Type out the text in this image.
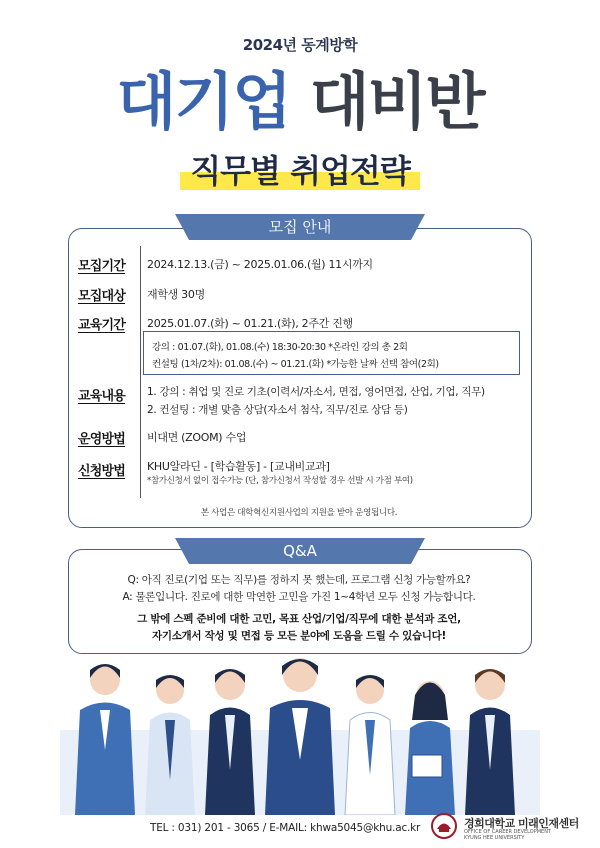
2024년 동계방학
대기업 대비반
직무별 취업전략
모집 안내
모집기간	2024.12.13.(금) ~ 2025.01.06.(월) 11시까지
모집대상	재학생 30명
교육기간	2025.01.07.(화) ~ 01.21.(화), 2주간 진행
강의 : 01.07.(화), 01.08.(수) 18:30-20:30 *온라인 강의 총 2회
컨설팅 (1차/2차): 01.08.(수) ~ 01.21.(화) *가능한 날짜 선택 참여(2회)
교육내용	1. 강의 : 취업 및 진로 기초(이력서/자소서, 면접, 영어면접, 산업, 기업, 직무)
2. 컨설팅 : 개별 맞춤 상담(자소서 첨삭, 직무/진로 상담 등)
운영방법	비대면 (ZOOM) 수업
신청방법	KHU알라딘 - [학습활동] - [교내비교과]
*참가신청서 없이 접수가능 (단, 참가신청서 작성할 경우 선발 시 가점 부여)
본 사업은 대학혁신지원사업의 지원을 받아 운영됩니다.
Q&A
Q: 아직 진로(기업 또는 직무)를 정하지 못 했는데, 프로그램 신청 가능할까요?
A: 물론입니다. 진로에 대한 막연한 고민을 가진 1~4학년 모두 신청 가능합니다.
그 밖에 스펙 준비에 대한 고민, 목표 산업/기업/직무에 대한 분석과 조언,
자기소개서 작성 및 면접 등 모든 분야에 도움을 드릴 수 있습니다!
TEL : 031) 201 - 3065 / E-MAIL: khwa5045@khu.ac.kr	경희대학교 미래인재센터
OFFICE OF CAREER DEVELOPMENT
KYUNG HEE UNIVERSITY
